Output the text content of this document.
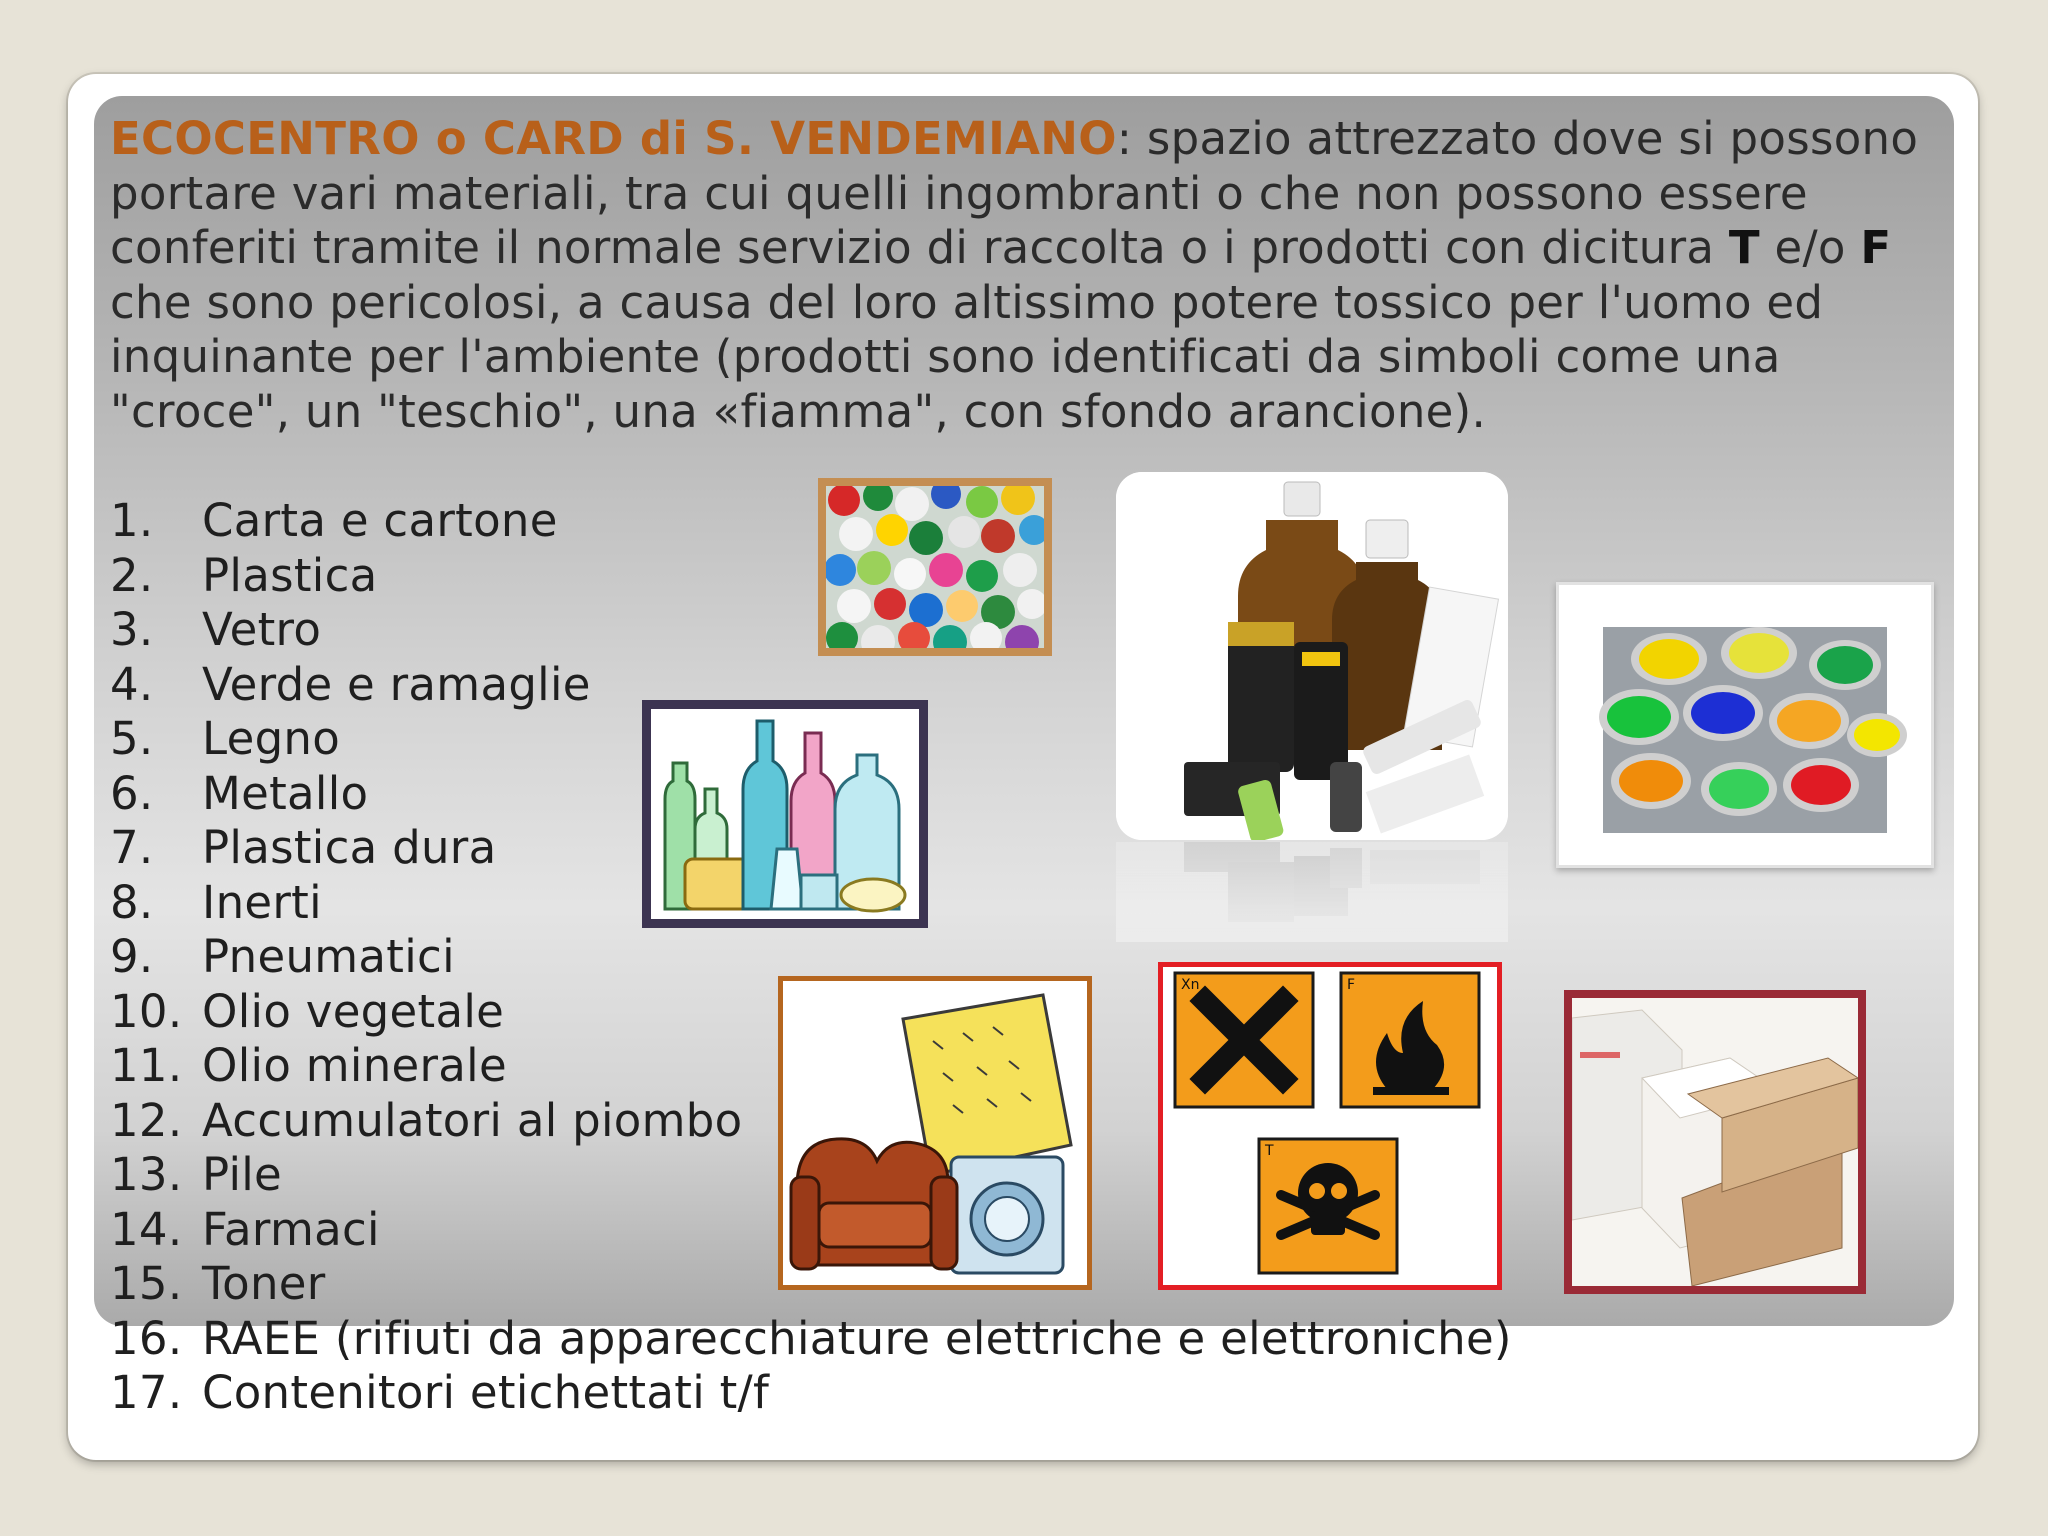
ECOCENTRO o CARD di S. VENDEMIANO: spazio attrezzato dove si possono portare vari materiali, tra cui quelli ingombranti o che non possono essere conferiti tramite il normale servizio di raccolta o i prodotti con dicitura T e/o F che sono pericolosi, a causa del loro altissimo potere tossico per l'uomo ed inquinante per l'ambiente (prodotti sono identificati da simboli come una "croce", un "teschio", una «fiamma", con sfondo arancione).

1. Carta e cartone
2. Plastica
3. Vetro
4. Verde e ramaglie
5. Legno
6. Metallo
7. Plastica dura
8. Inerti
9. Pneumatici
10. Olio vegetale
11. Olio minerale
12. Accumulatori al piombo
13. Pile
14. Farmaci
15. Toner
16. RAEE (rifiuti da apparecchiature elettriche e elettroniche)
17. Contenitori etichettati t/f
Xn	F
T
